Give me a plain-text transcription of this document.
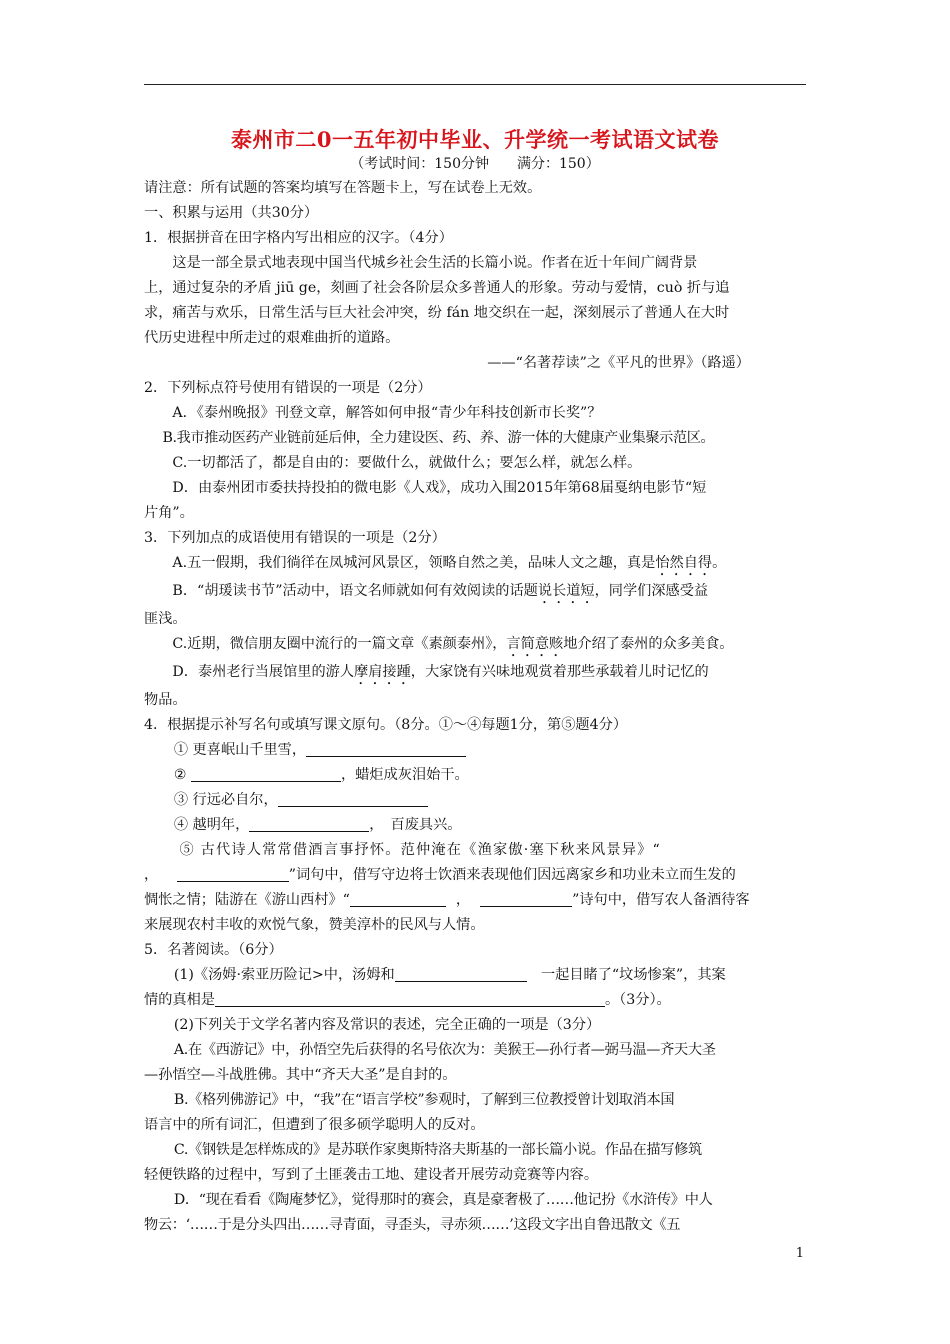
泰州市二0一五年初中毕业、升学统一考试语文试卷
（考试时间：150分钟　　满分：150）

请注意：所有试题的答案均填写在答题卡上，写在试卷上无效。

一、积累与运用（共30分）

1．根据拼音在田字格内写出相应的汉字。（4分）

这是一部全景式地表现中国当代城乡社会生活的长篇小说。作者在近十年间广阔背景

上，通过复杂的矛盾 jiū ge，刻画了社会各阶层众多普通人的形象。劳动与爱情，cuò 折与追

求，痛苦与欢乐，日常生活与巨大社会冲突，纷 fán 地交织在一起，深刻展示了普通人在大时

代历史进程中所走过的艰难曲折的道路。

——“名著荐读”之《平凡的世界》（路遥）

2．下列标点符号使用有错误的一项是（2分）

A．《泰州晚报》刊登文章，解答如何申报“青少年科技创新市长奖”？

B.我市推动医药产业链前延后伸，全力建设医、药、养、游一体的大健康产业集聚示范区。

C.一切都活了，都是自由的：要做什么，就做什么；要怎么样，就怎么样。

D．由泰州团市委扶持投拍的微电影《人戏》，成功入围2015年第68届戛纳电影节“短

片角”。

3．下列加点的成语使用有错误的一项是（2分）

A.五一假期，我们徜徉在凤城河风景区，领略自然之美，品味人文之趣，真是怡然自得。

B．“胡瑗读书节”活动中，语文名师就如何有效阅读的话题说长道短，同学们深感受益

匪浅。

C.近期，微信朋友圈中流行的一篇文章《素颜泰州》，言简意赅地介绍了泰州的众多美食。

D．泰州老行当展馆里的游人摩肩接踵，大家饶有兴味地观赏着那些承载着儿时记忆的

物品。

4．根据提示补写名句或填写课文原句。（8分。①～④每题1分，第⑤题4分）

① 更喜岷山千里雪，

②	，蜡炬成灰泪始干。

③ 行远必自尔，

④ 越明年，	，　百废具兴。

⑤ 古代诗人常常借酒言事抒怀。范仲淹在《渔家傲·塞下秋来风景异》“

，	”词句中，借写守边将士饮酒来表现他们因远离家乡和功业未立而生发的

惆怅之情；陆游在《游山西村》“	，	”诗句中，借写农人备酒待客

来展现农村丰收的欢悦气象，赞美淳朴的民风与人情。

5．名著阅读。（6分）

(1)《汤姆·索亚历险记>中，汤姆和　	一起目睹了“坟场惨案”，其案

情的真相是	。（3分）。

(2)下列关于文学名著内容及常识的表述，完全正确的一项是（3分）

A.在《西游记》中，孙悟空先后获得的名号依次为：美猴王—孙行者—弼马温—齐天大圣

—孙悟空—斗战胜佛。其中“齐天大圣”是自封的。

B.《格列佛游记》中，“我”在“语言学校”参观时，了解到三位教授曾计划取消本国

语言中的所有词汇，但遭到了很多硕学聪明人的反对。

C.《钢铁是怎样炼成的》是苏联作家奥斯特洛夫斯基的一部长篇小说。作品在描写修筑

轻便铁路的过程中，写到了土匪袭击工地、建设者开展劳动竞赛等内容。

D．“现在看看《陶庵梦忆》，觉得那时的赛会，真是豪奢极了……他记扮《水浒传》中人

物云：‘……于是分头四出……寻青面，寻歪头，寻赤须……’这段文字出自鲁迅散文《五

1
